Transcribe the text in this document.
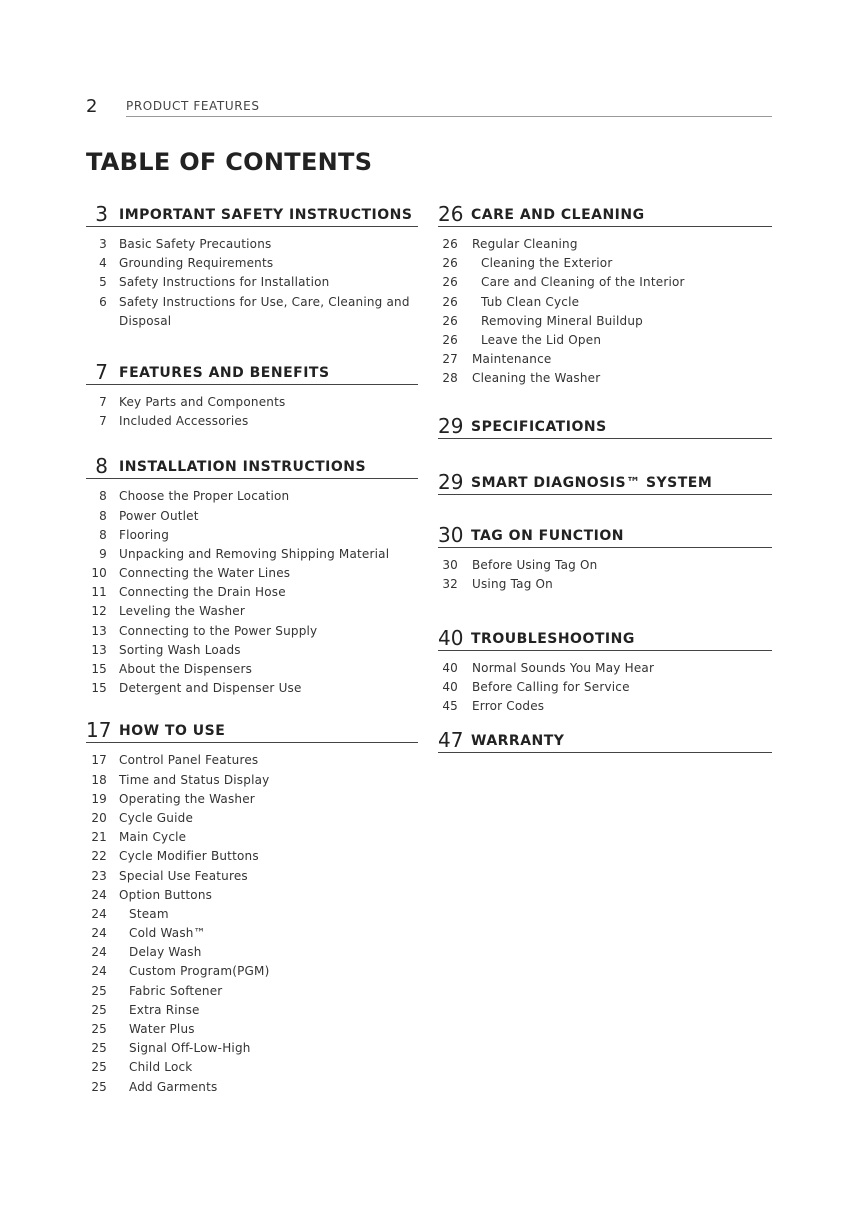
2 PRODUCT FEATURES
TABLE OF CONTENTS
3 IMPORTANT SAFETY INSTRUCTIONS
3 Basic Safety Precautions
4 Grounding Requirements
5 Safety Instructions for Installation
6 Safety Instructions for Use, Care, Cleaning and Disposal
7 FEATURES AND BENEFITS
7 Key Parts and Components
7 Included Accessories
8 INSTALLATION INSTRUCTIONS
8 Choose the Proper Location
8 Power Outlet
8 Flooring
9 Unpacking and Removing Shipping Material
10 Connecting the Water Lines
11 Connecting the Drain Hose
12 Leveling the Washer
13 Connecting to the Power Supply
13 Sorting Wash Loads
15 About the Dispensers
15 Detergent and Dispenser Use
17 HOW TO USE
17 Control Panel Features
18 Time and Status Display
19 Operating the Washer
20 Cycle Guide
21 Main Cycle
22 Cycle Modifier Buttons
23 Special Use Features
24 Option Buttons
24 Steam
24 Cold Wash™
24 Delay Wash
24 Custom Program(PGM)
25 Fabric Softener
25 Extra Rinse
25 Water Plus
25 Signal Off-Low-High
25 Child Lock
25 Add Garments
26 CARE AND CLEANING
26 Regular Cleaning
26 Cleaning the Exterior
26 Care and Cleaning of the Interior
26 Tub Clean Cycle
26 Removing Mineral Buildup
26 Leave the Lid Open
27 Maintenance
28 Cleaning the Washer
29 SPECIFICATIONS
29 SMART DIAGNOSIS™ SYSTEM
30 TAG ON FUNCTION
30 Before Using Tag On
32 Using Tag On
40 TROUBLESHOOTING
40 Normal Sounds You May Hear
40 Before Calling for Service
45 Error Codes
47 WARRANTY
